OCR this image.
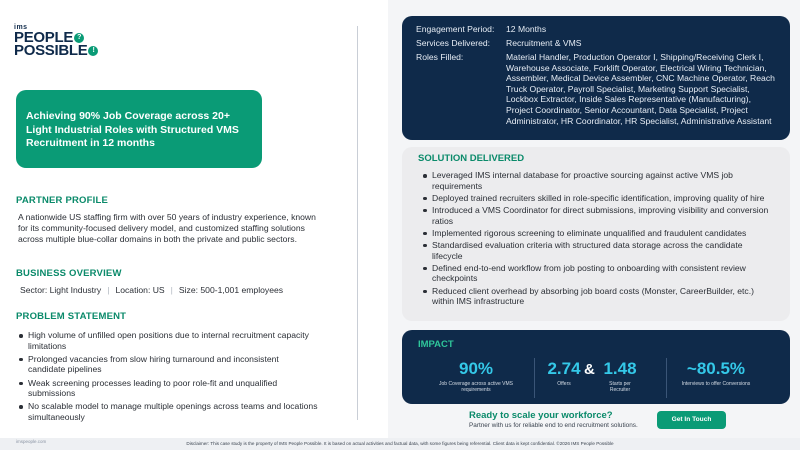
ims
PEOPLE ?
POSSIBLE !
Achieving 90% Job Coverage across 20+ Light Industrial Roles with Structured VMS Recruitment in 12 months
PARTNER PROFILE
A nationwide US staffing firm with over 50 years of industry experience, known for its community-focused delivery model, and customized staffing solutions across multiple blue-collar domains in both the private and public sectors.
BUSINESS OVERVIEW
Sector: Light Industry | Location: US | Size: 500-1,001 employees
PROBLEM STATEMENT
High volume of unfilled open positions due to internal recruitment capacity limitations
Prolonged vacancies from slow hiring turnaround and inconsistent candidate pipelines
Weak screening processes leading to poor role-fit and unqualified submissions
No scalable model to manage multiple openings across teams and locations simultaneously
Engagement Period:	12 Months
Services Delivered:	Recruitment & VMS
Roles Filled:	Material Handler, Production Operator I, Shipping/Receiving Clerk I, Warehouse Associate, Forklift Operator, Electrical Wiring Technician, Assembler, Medical Device Assembler, CNC Machine Operator, Reach Truck Operator, Payroll Specialist, Marketing Support Specialist, Lockbox Extractor, Inside Sales Representative (Manufacturing), Project Coordinator, Senior Accountant, Data Specialist, Project Administrator, HR Coordinator, HR Specialist, Administrative Assistant
SOLUTION DELIVERED
Leveraged IMS internal database for proactive sourcing against active VMS job requirements
Deployed trained recruiters skilled in role-specific identification, improving quality of hire
Introduced a VMS Coordinator for direct submissions, improving visibility and conversion ratios
Implemented rigorous screening to eliminate unqualified and fraudulent candidates
Standardised evaluation criteria with structured data storage across the candidate lifecycle
Defined end-to-end workflow from job posting to onboarding with consistent review checkpoints
Reduced client overhead by absorbing job board costs (Monster, CareerBuilder, etc.) within IMS infrastructure
IMPACT
90%
Job Coverage across active VMS requirements
2.74
Offers
1.48
Starts per Recruiter
~80.5%
Interviews to offer Conversions
&
Ready to scale your workforce?
Partner with us for reliable end to end recruitment solutions.
Get In Touch
Disclaimer: This case study is the property of IMS People Possible. It is based on actual activities and factual data, with some figures being referential. Client data is kept confidential. ©2026 IMS People Possible
imspeople.com
